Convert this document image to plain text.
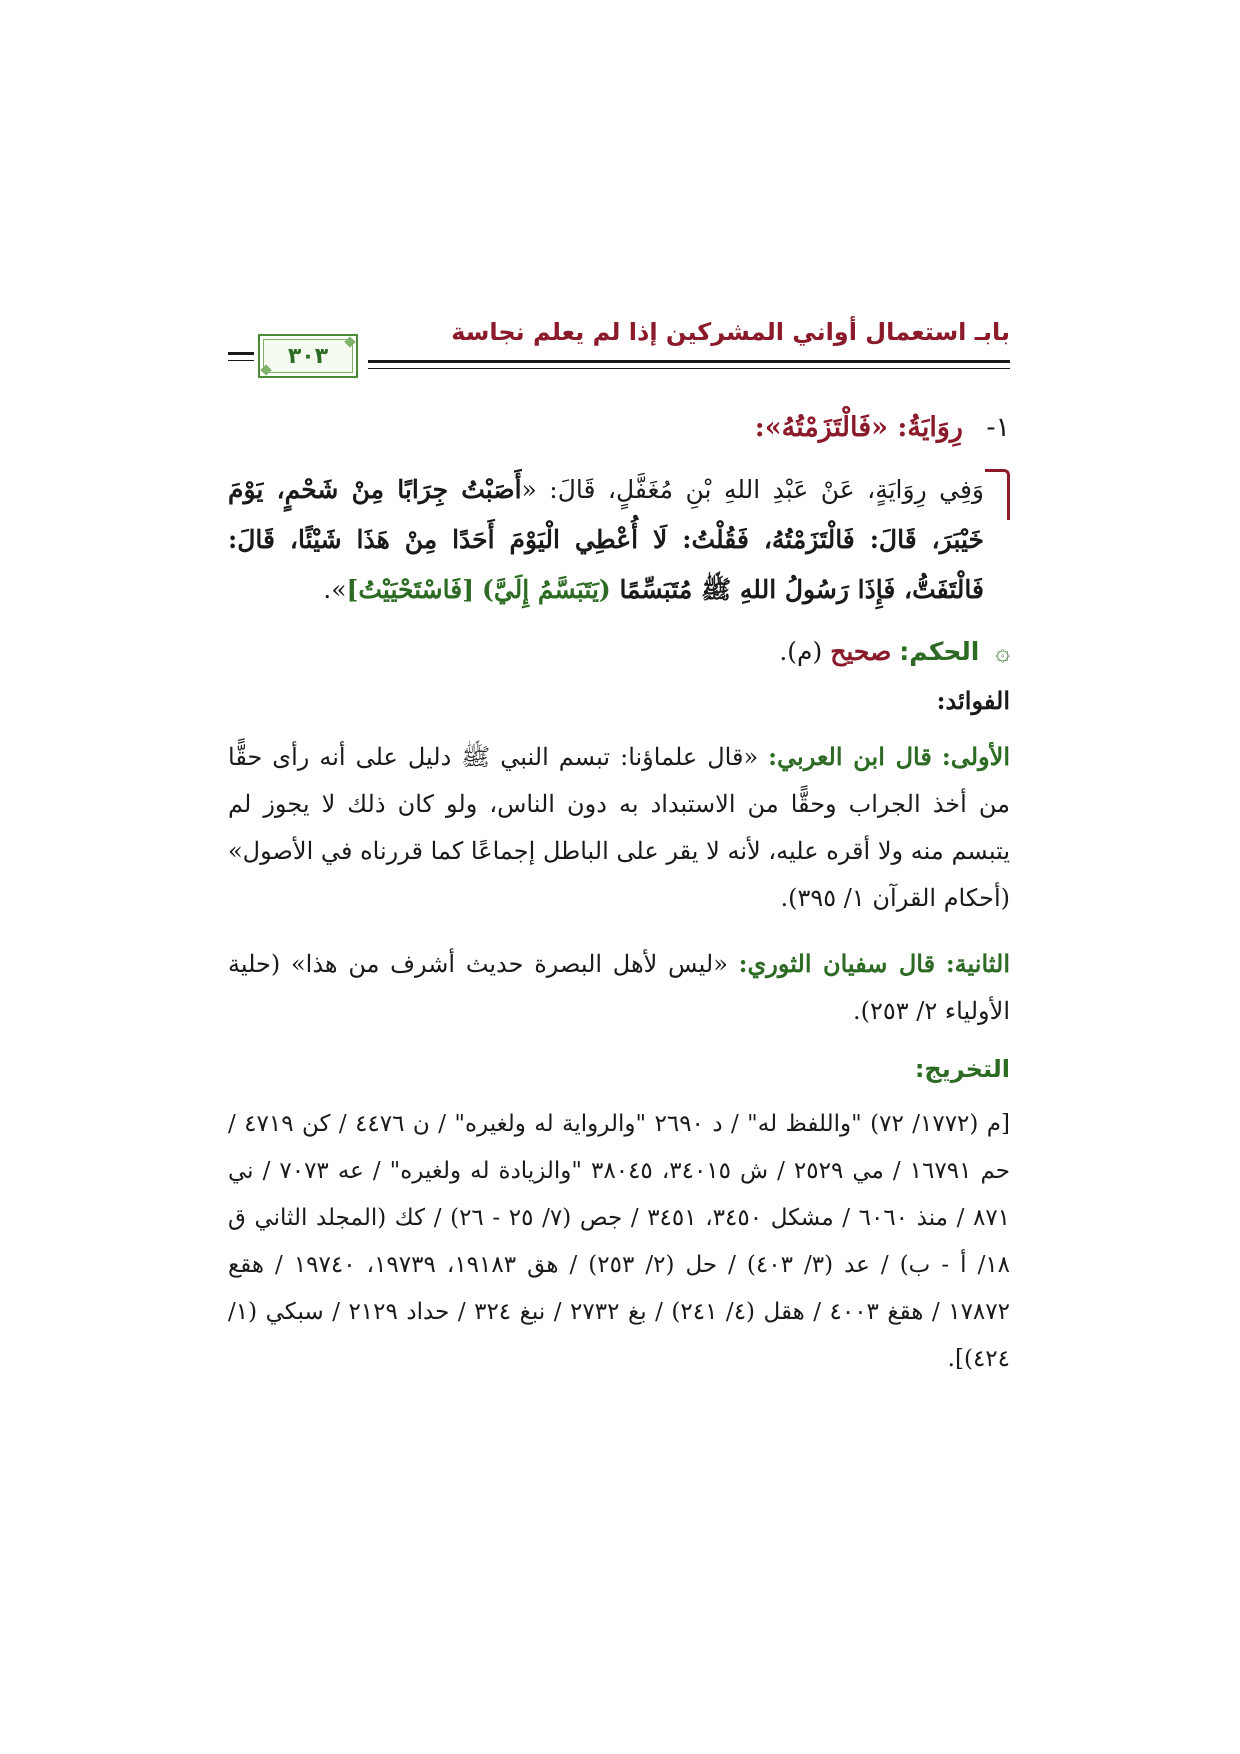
بابـ استعمال أواني المشركين إذا لم يعلم نجاسة
٣٠٣
١- رِوَايَةُ: «فَالْتَزَمْتُهُ»:
وَفِي رِوَايَةٍ، عَنْ عَبْدِ اللهِ بْنِ مُغَفَّلٍ، قَالَ: «أَصَبْتُ جِرَابًا مِنْ شَحْمٍ، يَوْمَ خَيْبَرَ، قَالَ: فَالْتَزَمْتُهُ، فَقُلْتُ: لَا أُعْطِي الْيَوْمَ أَحَدًا مِنْ هَذَا شَيْئًا، قَالَ: فَالْتَفَتُّ، فَإِذَا رَسُولُ اللهِ ﷺ مُتَبَسِّمًا (يَتَبَسَّمُ إِلَيَّ) [فَاسْتَحْيَيْتُ]».
۞ الحكم: صحيح (م).
الفوائد:
الأولى: قال ابن العربي: «قال علماؤنا: تبسم النبي ﷺ دليل على أنه رأى حقًّا من أخذ الجراب وحقًّا من الاستبداد به دون الناس، ولو كان ذلك لا يجوز لم يتبسم منه ولا أقره عليه، لأنه لا يقر على الباطل إجماعًا كما قررناه في الأصول» (أحكام القرآن ١/ ٣٩٥).
الثانية: قال سفيان الثوري: «ليس لأهل البصرة حديث أشرف من هذا» (حلية الأولياء ٢/ ٢٥٣).
التخريج:
[م (١٧٧٢/ ٧٢) "واللفظ له" / د ٢٦٩٠ "والرواية له ولغيره" / ن ٤٤٧٦ / كن ٤٧١٩ / حم ١٦٧٩١ / مي ٢٥٢٩ / ش ٣٤٠١٥، ٣٨٠٤٥ "والزيادة له ولغيره" / عه ٧٠٧٣ / ني ٨٧١ / منذ ٦٠٦٠ / مشكل ٣٤٥٠، ٣٤٥١ / جص (٧/ ٢٥ - ٢٦) / كك (المجلد الثاني ق ١٨/ أ - ب) / عد (٣/ ٤٠٣) / حل (٢/ ٢٥٣) / هق ١٩١٨٣، ١٩٧٣٩، ١٩٧٤٠ / هقع ١٧٨٧٢ / هقغ ٤٠٠٣ / هقل (٤/ ٢٤١) / بغ ٢٧٣٢ / نبغ ٣٢٤ / حداد ٢١٢٩ / سبكي (١/ ٤٢٤)].
